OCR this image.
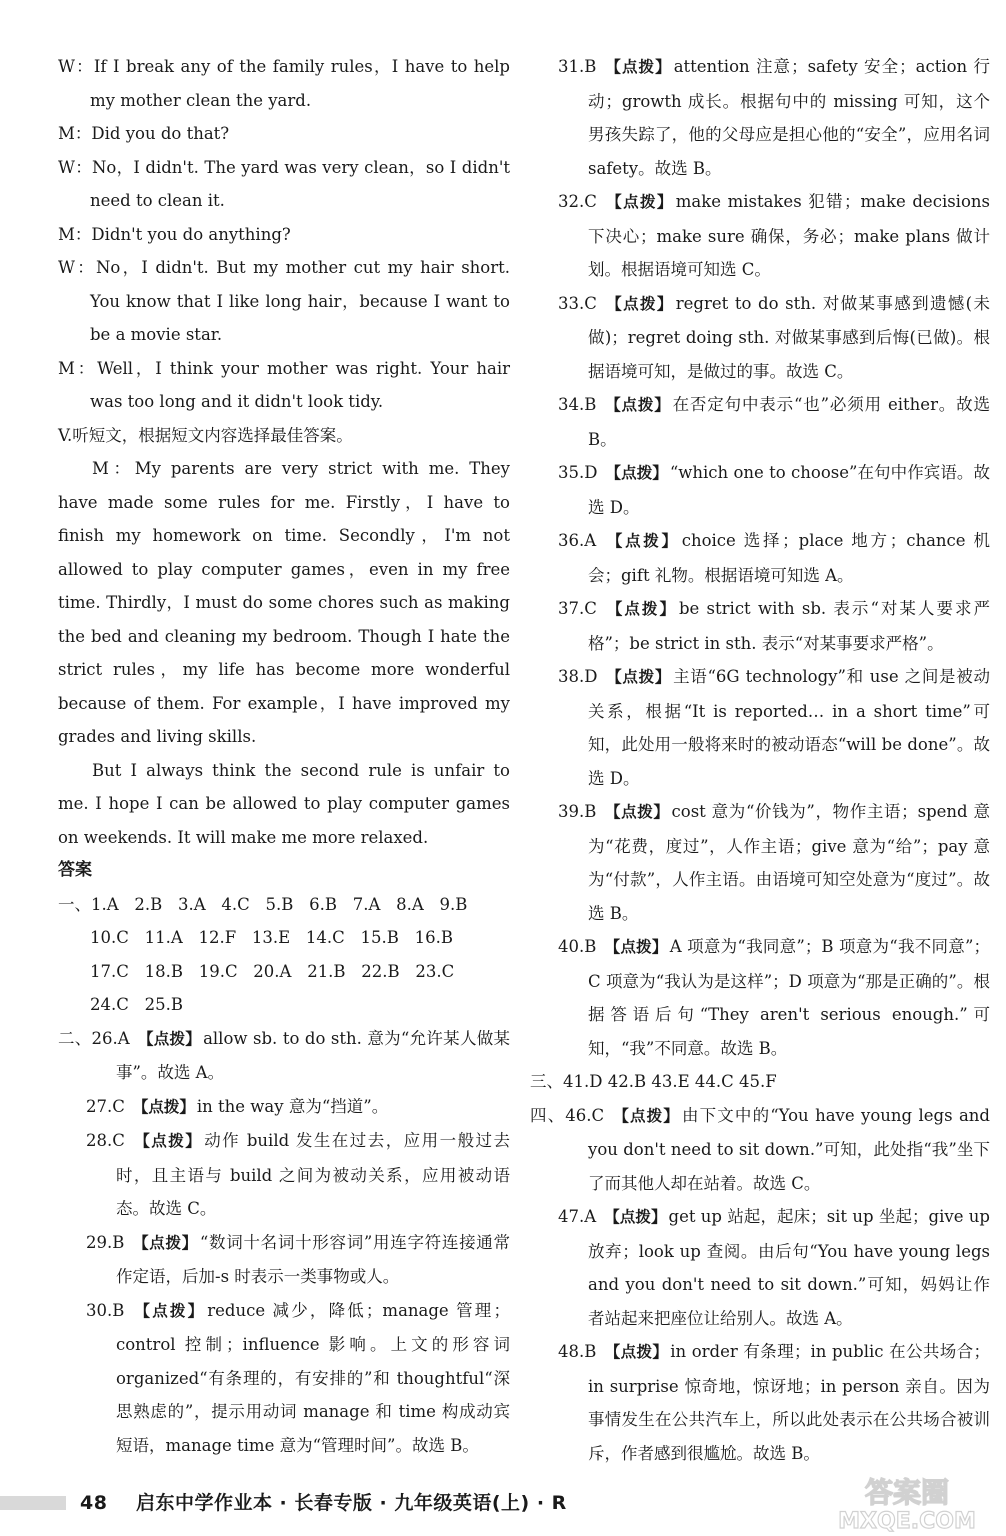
W：If I break any of the family rules，I have to help my mother clean the yard.

M：Did you do that?

W：No，I didn't. The yard was very clean，so I didn't need to clean it.

M：Didn't you do anything?

W：No，I didn't. But my mother cut my hair short. You know that I like long hair，because I want to be a movie star.

M：Well，I think your mother was right. Your hair was too long and it didn't look tidy.

V.听短文，根据短文内容选择最佳答案。

M：My parents are very strict with me. They have made some rules for me. Firstly，I have to finish my homework on time. Secondly，I'm not allowed to play computer games，even in my free time. Thirdly，I must do some chores such as making the bed and cleaning my bedroom. Though I hate the strict rules，my life has become more wonderful because of them. For example，I have improved my grades and living skills.

But I always think the second rule is unfair to me. I hope I can be allowed to play computer games on weekends. It will make me more relaxed.

答案

一、1.A   2.B   3.A   4.C   5.B   6.B   7.A   8.A   9.B

10.C   11.A   12.F   13.E   14.C   15.B   16.B

17.C   18.B   19.C   20.A   21.B   22.B   23.C

24.C   25.B

二、26.A 【点拨】 allow sb. to do sth. 意为“允许某人做某事”。故选 A。

27.C 【点拨】 in the way 意为“挡道”。

28.C 【点拨】 动作 build 发生在过去，应用一般过去时，且主语与 build 之间为被动关系，应用被动语态。故选 C。

29.B 【点拨】 “数词十名词十形容词”用连字符连接通常作定语，后加-s 时表示一类事物或人。

30.B 【点拨】 reduce 减少，降低；manage 管理；control 控制；influence 影响。上文的形容词 organized“有条理的，有安排的”和 thoughtful“深思熟虑的”，提示用动词 manage 和 time 构成动宾短语，manage time 意为“管理时间”。故选 B。

31.B 【点拨】 attention 注意；safety 安全；action 行动；growth 成长。根据句中的 missing 可知，这个男孩失踪了，他的父母应是担心他的“安全”，应用名词 safety。故选 B。

32.C 【点拨】 make mistakes 犯错；make decisions 下决心；make sure 确保，务必；make plans 做计划。根据语境可知选 C。

33.C 【点拨】 regret to do sth. 对做某事感到遗憾(未做)；regret doing sth. 对做某事感到后悔(已做)。根据语境可知，是做过的事。故选 C。

34.B 【点拨】 在否定句中表示“也”必须用 either。故选 B。

35.D 【点拨】 “which one to choose”在句中作宾语。故选 D。

36.A 【点拨】 choice 选择；place 地方；chance 机会；gift 礼物。根据语境可知选 A。

37.C 【点拨】 be strict with sb. 表示“对某人要求严格”；be strict in sth. 表示“对某事要求严格”。

38.D 【点拨】 主语“6G technology”和 use 之间是被动关系，根据“It is reported… in a short time”可知，此处用一般将来时的被动语态“will be done”。故选 D。

39.B 【点拨】 cost 意为“价钱为”，物作主语；spend 意为“花费，度过”，人作主语；give 意为“给”；pay 意为“付款”，人作主语。由语境可知空处意为“度过”。故选 B。

40.B 【点拨】 A 项意为“我同意”；B 项意为“我不同意”；C 项意为“我认为是这样”；D 项意为“那是正确的”。根据答语后句“They aren't serious enough.”可知，“我”不同意。故选 B。

三、41.D 42.B 43.E 44.C 45.F

四、46.C 【点拨】 由下文中的“You have young legs and you don't need to sit down.”可知，此处指“我”坐下了而其他人却在站着。故选 C。

47.A 【点拨】 get up 站起，起床；sit up 坐起；give up 放弃；look up 查阅。由后句“You have young legs and you don't need to sit down.”可知，妈妈让作者站起来把座位让给别人。故选 A。

48.B 【点拨】 in order 有条理；in public 在公共场合；in surprise 惊奇地，惊讶地；in person 亲自。因为事情发生在公共汽车上，所以此处表示在公共场合被训斥，作者感到很尴尬。故选 B。

48 启东中学作业本 · 长春专版 · 九年级英语(上) · R	答案圈
MXQE.COM
